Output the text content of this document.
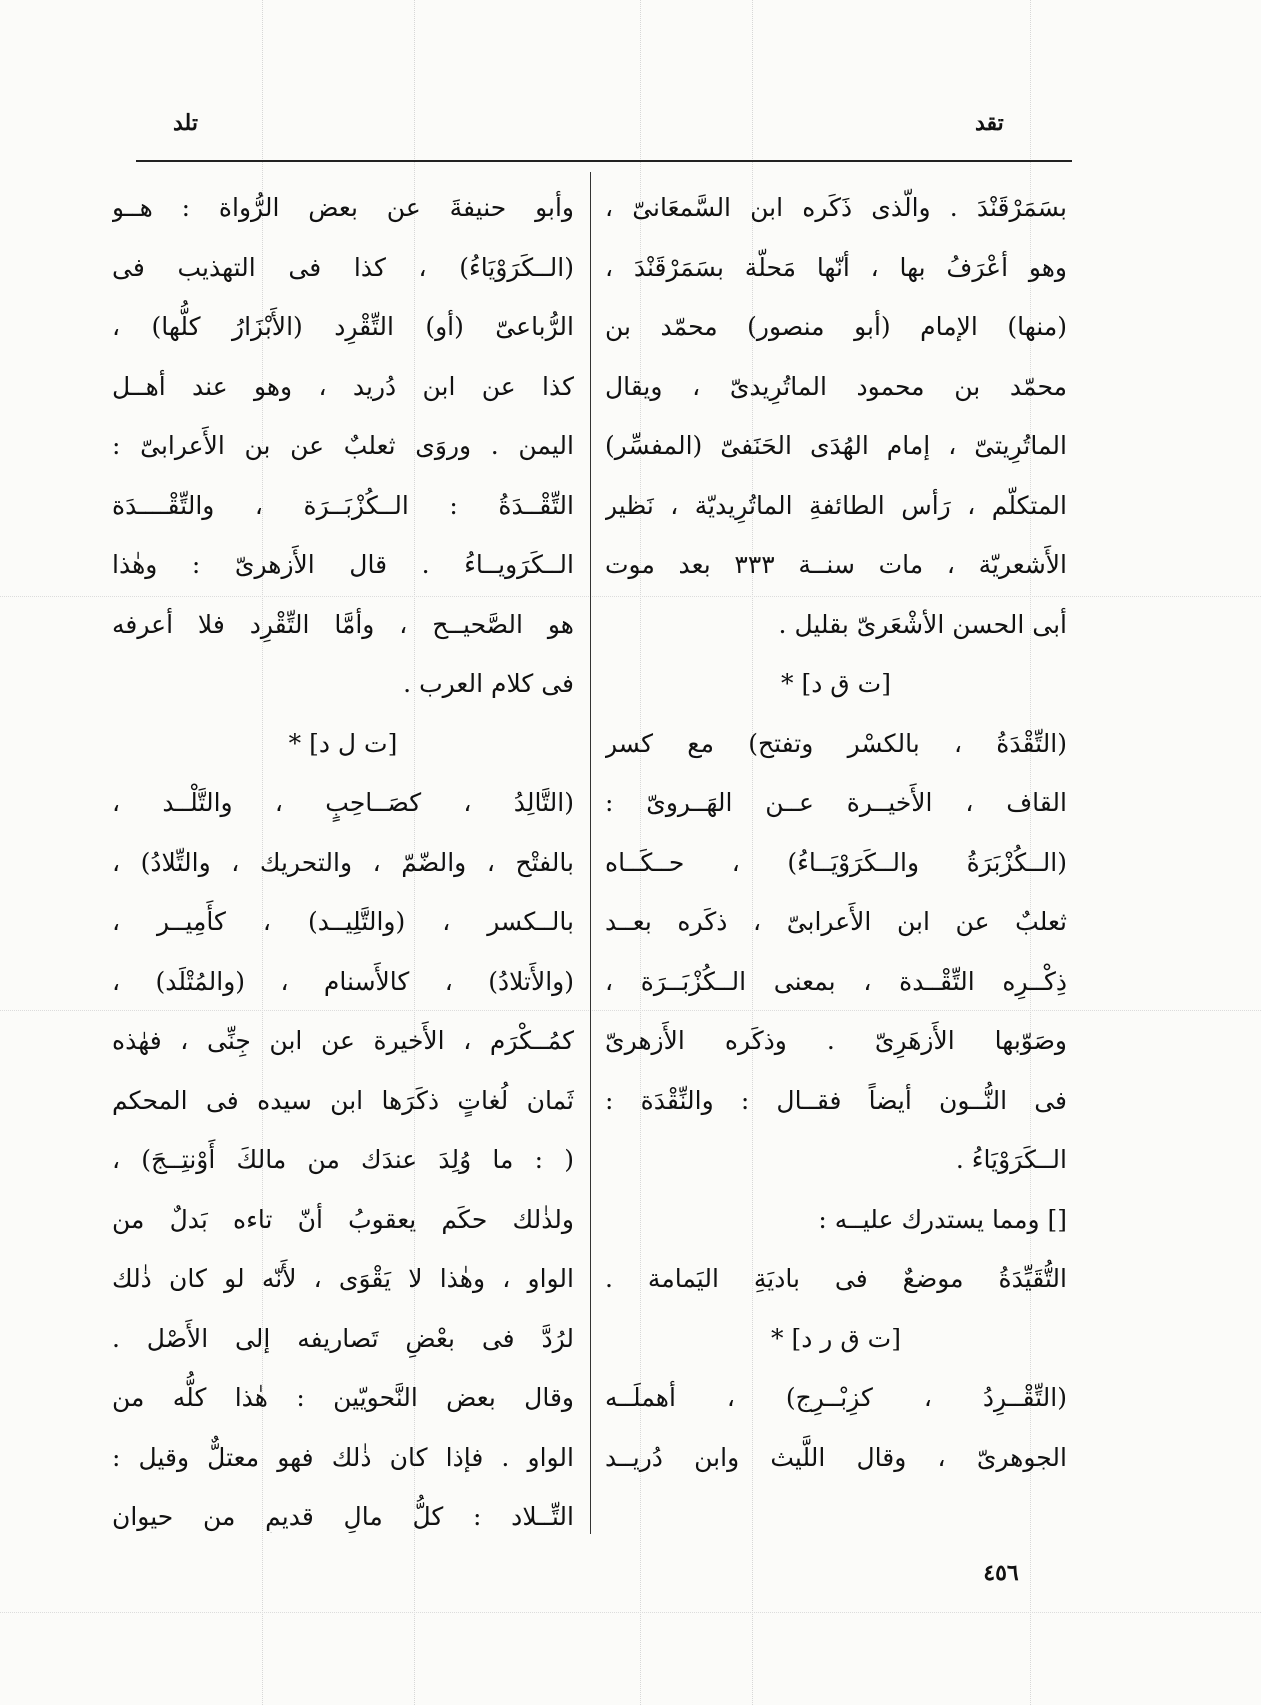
تقد
تلد
بسَمَرْقَنْدَ . والّذى ذَكَره ابن السَّمعَانىّ ،
وهو أعْرَفُ بها ، أنّها مَحلّة بسَمَرْقَنْدَ ،
(منها) الإمام (أبو منصور) محمّد بن
محمّد بن محمود الماتُرِيدىّ ، ويقال
الماتُرِيتىّ ، إمام الهُدَى الحَنَفىّ (المفسِّر)
المتكلّم ، رَأس الطائفةِ الماتُرِيديّة ، نَظير
الأَشعريّة ، مات سنــة ٣٣٣ بعد موت
أبى الحسن الأشْعَرىّ بقليل .
[ت ق د] *
(التِّقْدَةُ ، بالكسْر وتفتح) مع كسر
القاف ، الأَخيــرة عــن الهَــروىّ :
(الــكُزْبَرَةُ والــكَرَوْيَــاءُ) ، حــكَــاه
ثعلبٌ عن ابن الأَعرابىّ ، ذكَره بعــد
ذِكْــرِه التِّقْــدة ، بمعنى الــكُزْبَــرَة ،
وصَوّبها الأَزهَرِىّ . وذكَره الأَزهرىّ
فى النُّــون أيضاً فقــال : والنِّقْدَة :
الــكَرَوْيَاءُ .
[] ومما يستدرك عليــه :
التُّقَيِّدَةُ موضعٌ فى باديَةِ اليَمامة .
[ت ق ر د] *
(التِّقْــرِدُ ، كزِبْــرِج) ، أهملَــه
الجوهرىّ ، وقال اللَّيث وابن دُريــد
وأبو حنيفةَ عن بعض الرُّواة : هــو
(الــكَرَوْيَاءُ) ، كذا فى التهذيب فى
الرُّباعىّ (أو) التِّقْرِد (الأَبْزَارُ كلُّها) ،
كذا عن ابن دُريد ، وهو عند أهــل
اليمن . وروَى ثعلبٌ عن بن الأَعرابىّ :
التِّقْــدَةُ : الــكُزْبَــرَة ، والتِّقْــــدَة
الــكَرَويــاءُ . قال الأَزهرىّ : وهٰذا
هو الصَّحيــح ، وأمَّا التِّقْرِد فلا أعرفه
فى كلام العرب .
[ت ل د] *
(التَّالِدُ ، كصَــاحِبٍ ، والتَّلْــد ،
بالفتْح ، والضّمّ ، والتحريك ، والتِّلادُ) ،
بالــكسر ، (والتَّلِيــد) ، كأَمِيــر ،
(والأَتلادُ) ، كالأَسنام ، (والمُتْلَد) ،
كمُــكْرَم ، الأَخيرة عن ابن جِنِّى ، فهٰذه
ثَمان لُغاتٍ ذكَرَها ابن سيده فى المحكم
( : ما وُلِدَ عندَك من مالكَ أَوْنتِــجَ) ،
ولذٰلك حكَم يعقوبُ أنّ تاءه بَدلٌ من
الواو ، وهٰذا لا يَقْوَى ، لأَنّه لو كان ذٰلك
لرُدَّ فى بعْضِ تَصاريفه إلى الأَصْل .
وقال بعض النَّحويّين : هٰذا كلُّه من
الواو . فإذا كان ذٰلك فهو معتلٌّ وقيل :
التِّــلاد : كلُّ مالٍ قديمٍ من حيوان
٤٥٦
